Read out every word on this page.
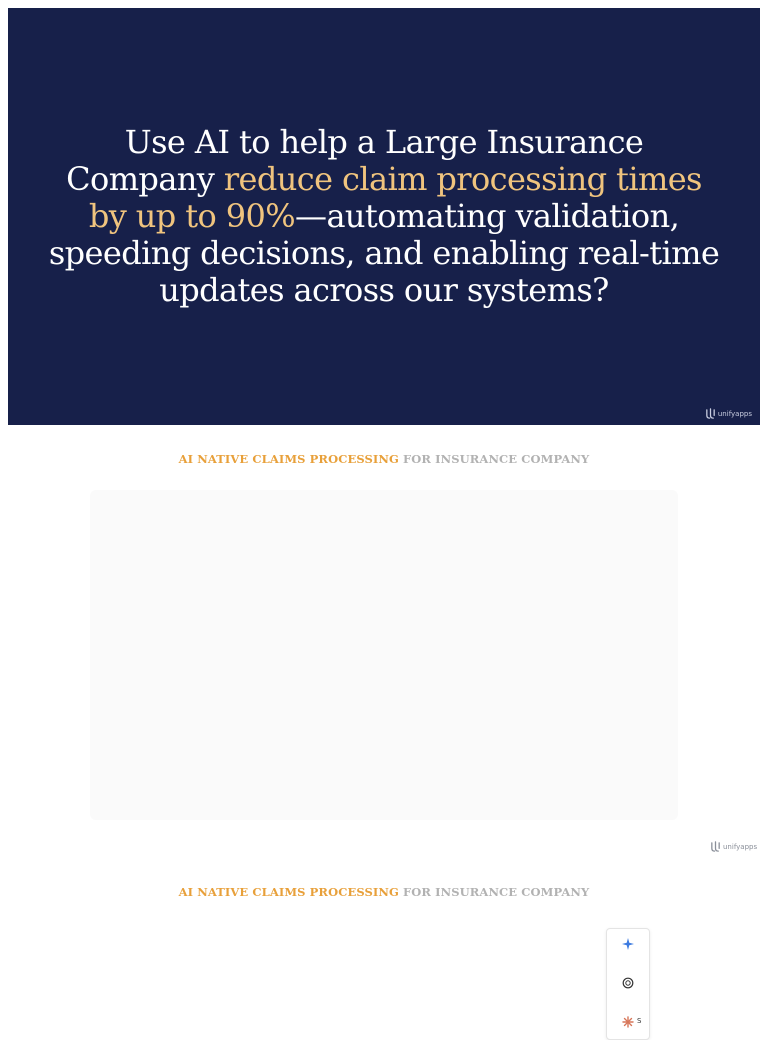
Use AI to help a Large Insurance Company reduce claim processing times by up to 90%—automating validation, speeding decisions, and enabling real-time updates across our systems?
unifyapps
AI NATIVE CLAIMS PROCESSING FOR INSURANCE COMPANY
unifyapps
AI NATIVE CLAIMS PROCESSING FOR INSURANCE COMPANY
S
